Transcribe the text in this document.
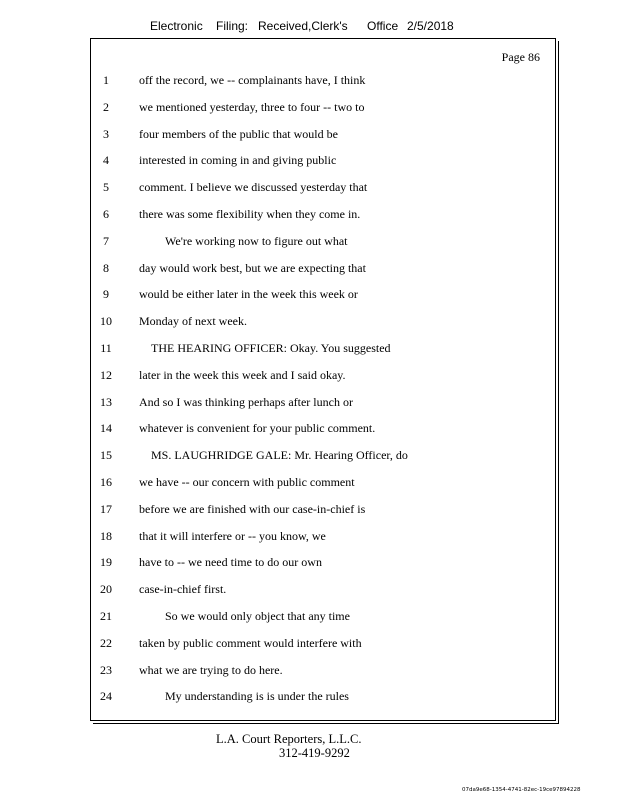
Electronic Filing: Received,Clerk's Office 2/5/2018
Page 86
1	off the record, we -- complainants have, I think
2	we mentioned yesterday, three to four -- two to
3	four members of the public that would be
4	interested in coming in and giving public
5	comment. I believe we discussed yesterday that
6	there was some flexibility when they come in.
7	We're working now to figure out what
8	day would work best, but we are expecting that
9	would be either later in the week this week or
10	Monday of next week.
11	THE HEARING OFFICER: Okay. You suggested
12	later in the week this week and I said okay.
13	And so I was thinking perhaps after lunch or
14	whatever is convenient for your public comment.
15	MS. LAUGHRIDGE GALE: Mr. Hearing Officer, do
16	we have -- our concern with public comment
17	before we are finished with our case-in-chief is
18	that it will interfere or -- you know, we
19	have to -- we need time to do our own
20	case-in-chief first.
21	So we would only object that any time
22	taken by public comment would interfere with
23	what we are trying to do here.
24	My understanding is is under the rules
L.A. Court Reporters, L.L.C.
312-419-9292
07da9e68-1354-4741-82ec-19ce97894228
